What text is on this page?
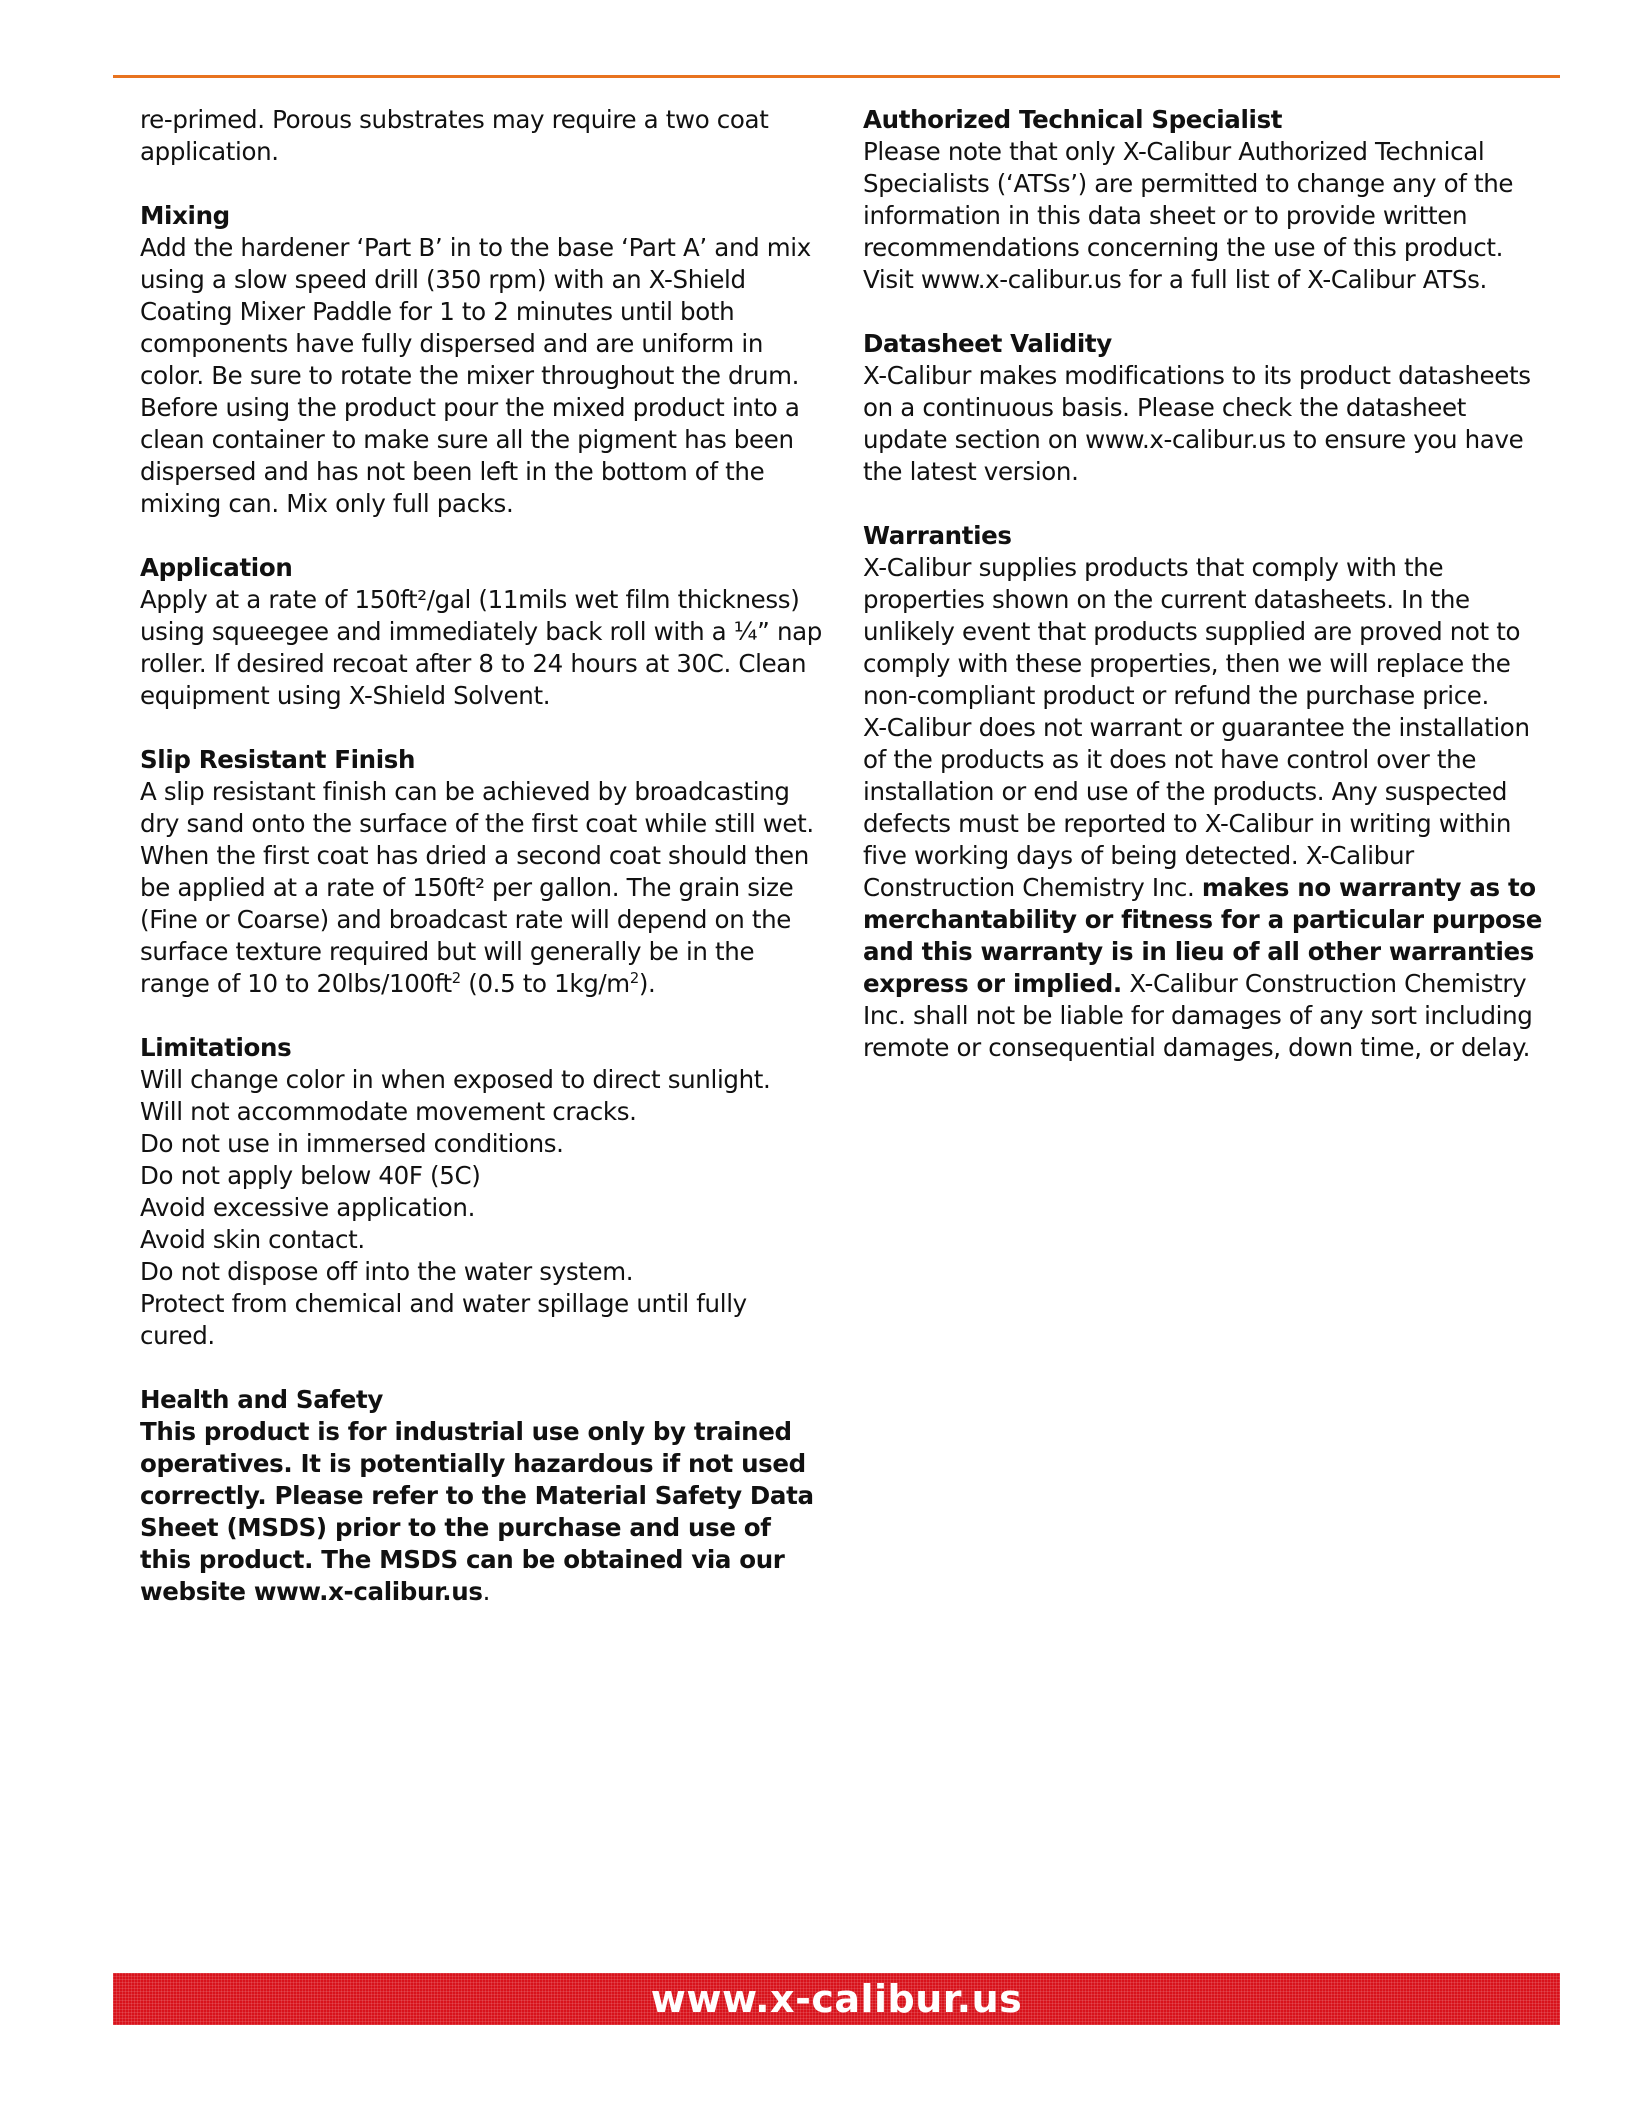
re-primed. Porous substrates may require a two coat
application.
Mixing
Add the hardener ‘Part B’ in to the base ‘Part A’ and mix
using a slow speed drill (350 rpm) with an X-Shield
Coating Mixer Paddle for 1 to 2 minutes until both
components have fully dispersed and are uniform in
color. Be sure to rotate the mixer throughout the drum.
Before using the product pour the mixed product into a
clean container to make sure all the pigment has been
dispersed and has not been left in the bottom of the
mixing can. Mix only full packs.
Application
Apply at a rate of 150ft²/gal (11mils wet film thickness)
using squeegee and immediately back roll with a ¼” nap
roller. If desired recoat after 8 to 24 hours at 30C. Clean
equipment using X-Shield Solvent.
Slip Resistant Finish
A slip resistant finish can be achieved by broadcasting
dry sand onto the surface of the first coat while still wet.
When the first coat has dried a second coat should then
be applied at a rate of 150ft² per gallon. The grain size
(Fine or Coarse) and broadcast rate will depend on the
surface texture required but will generally be in the
range of 10 to $20lbs/100ft^2$ (0.5 to $1kg/m^2$).
Limitations
Will change color in when exposed to direct sunlight.
Will not accommodate movement cracks.
Do not use in immersed conditions.
Do not apply below 40F (5C)
Avoid excessive application.
Avoid skin contact.
Do not dispose off into the water system.
Protect from chemical and water spillage until fully
cured.
Health and Safety
This product is for industrial use only by trained
operatives. It is potentially hazardous if not used
correctly. Please refer to the Material Safety Data
Sheet (MSDS) prior to the purchase and use of
this product. The MSDS can be obtained via our
website www.x-calibur.us.
Authorized Technical Specialist
Please note that only X-Calibur Authorized Technical
Specialists (‘ATSs’) are permitted to change any of the
information in this data sheet or to provide written
recommendations concerning the use of this product.
Visit www.x-calibur.us for a full list of X-Calibur ATSs.
Datasheet Validity
X-Calibur makes modifications to its product datasheets
on a continuous basis. Please check the datasheet
update section on www.x-calibur.us to ensure you have
the latest version.
Warranties
X-Calibur supplies products that comply with the
properties shown on the current datasheets. In the
unlikely event that products supplied are proved not to
comply with these properties, then we will replace the
non-compliant product or refund the purchase price.
X-Calibur does not warrant or guarantee the installation
of the products as it does not have control over the
installation or end use of the products. Any suspected
defects must be reported to X-Calibur in writing within
five working days of being detected. X-Calibur
Construction Chemistry Inc. makes no warranty as to
merchantability or fitness for a particular purpose
and this warranty is in lieu of all other warranties
express or implied. X-Calibur Construction Chemistry
Inc. shall not be liable for damages of any sort including
remote or consequential damages, down time, or delay.
www.x-calibur.us
